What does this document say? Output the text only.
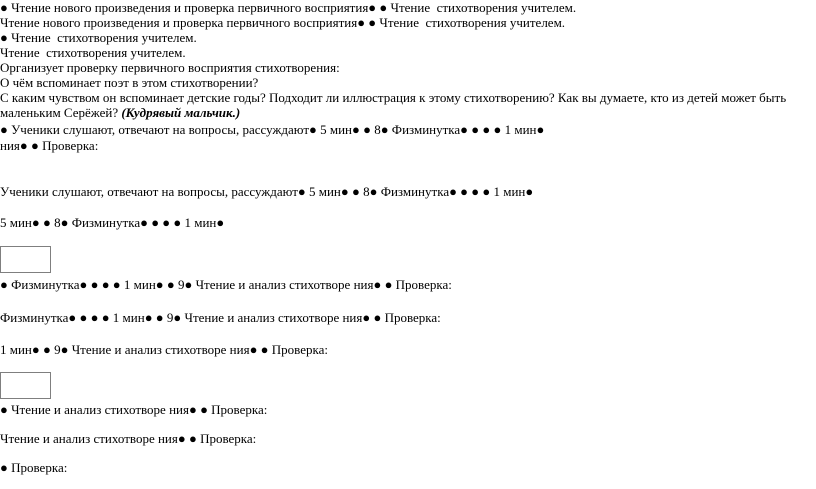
● Чтение нового произведения и проверка первичного восприятия● ● Чтение  стихотворения учителем.
Чтение нового произведения и проверка первичного восприятия● ● Чтение  стихотворения учителем.
● Чтение  стихотворения учителем.
Чтение  стихотворения учителем.
Организует проверку первичного восприятия стихотворения:
О чём вспоминает поэт в этом стихотворении?
С каким чувством он вспоминает детские годы? Подходит ли иллюстрация к этому стихотворению? Как вы думаете, кто из детей может быть
маленьким Серёжей? (Кудрявый мальчик.)
● Ученики слушают, отвечают на вопросы, рассуждают● 5 мин● ● 8● Физминутка● ● ● ● 1 мин●
ния● ● Проверка:
Ученики слушают, отвечают на вопросы, рассуждают● 5 мин● ● 8● Физминутка● ● ● ● 1 мин●
5 мин● ● 8● Физминутка● ● ● ● 1 мин●
● Физминутка● ● ● ● 1 мин● ● 9● Чтение и анализ стихотворе ния● ● Проверка:
Физминутка● ● ● ● 1 мин● ● 9● Чтение и анализ стихотворе ния● ● Проверка:
1 мин● ● 9● Чтение и анализ стихотворе ния● ● Проверка:
● Чтение и анализ стихотворе ния● ● Проверка:
Чтение и анализ стихотворе ния● ● Проверка:
● Проверка:
